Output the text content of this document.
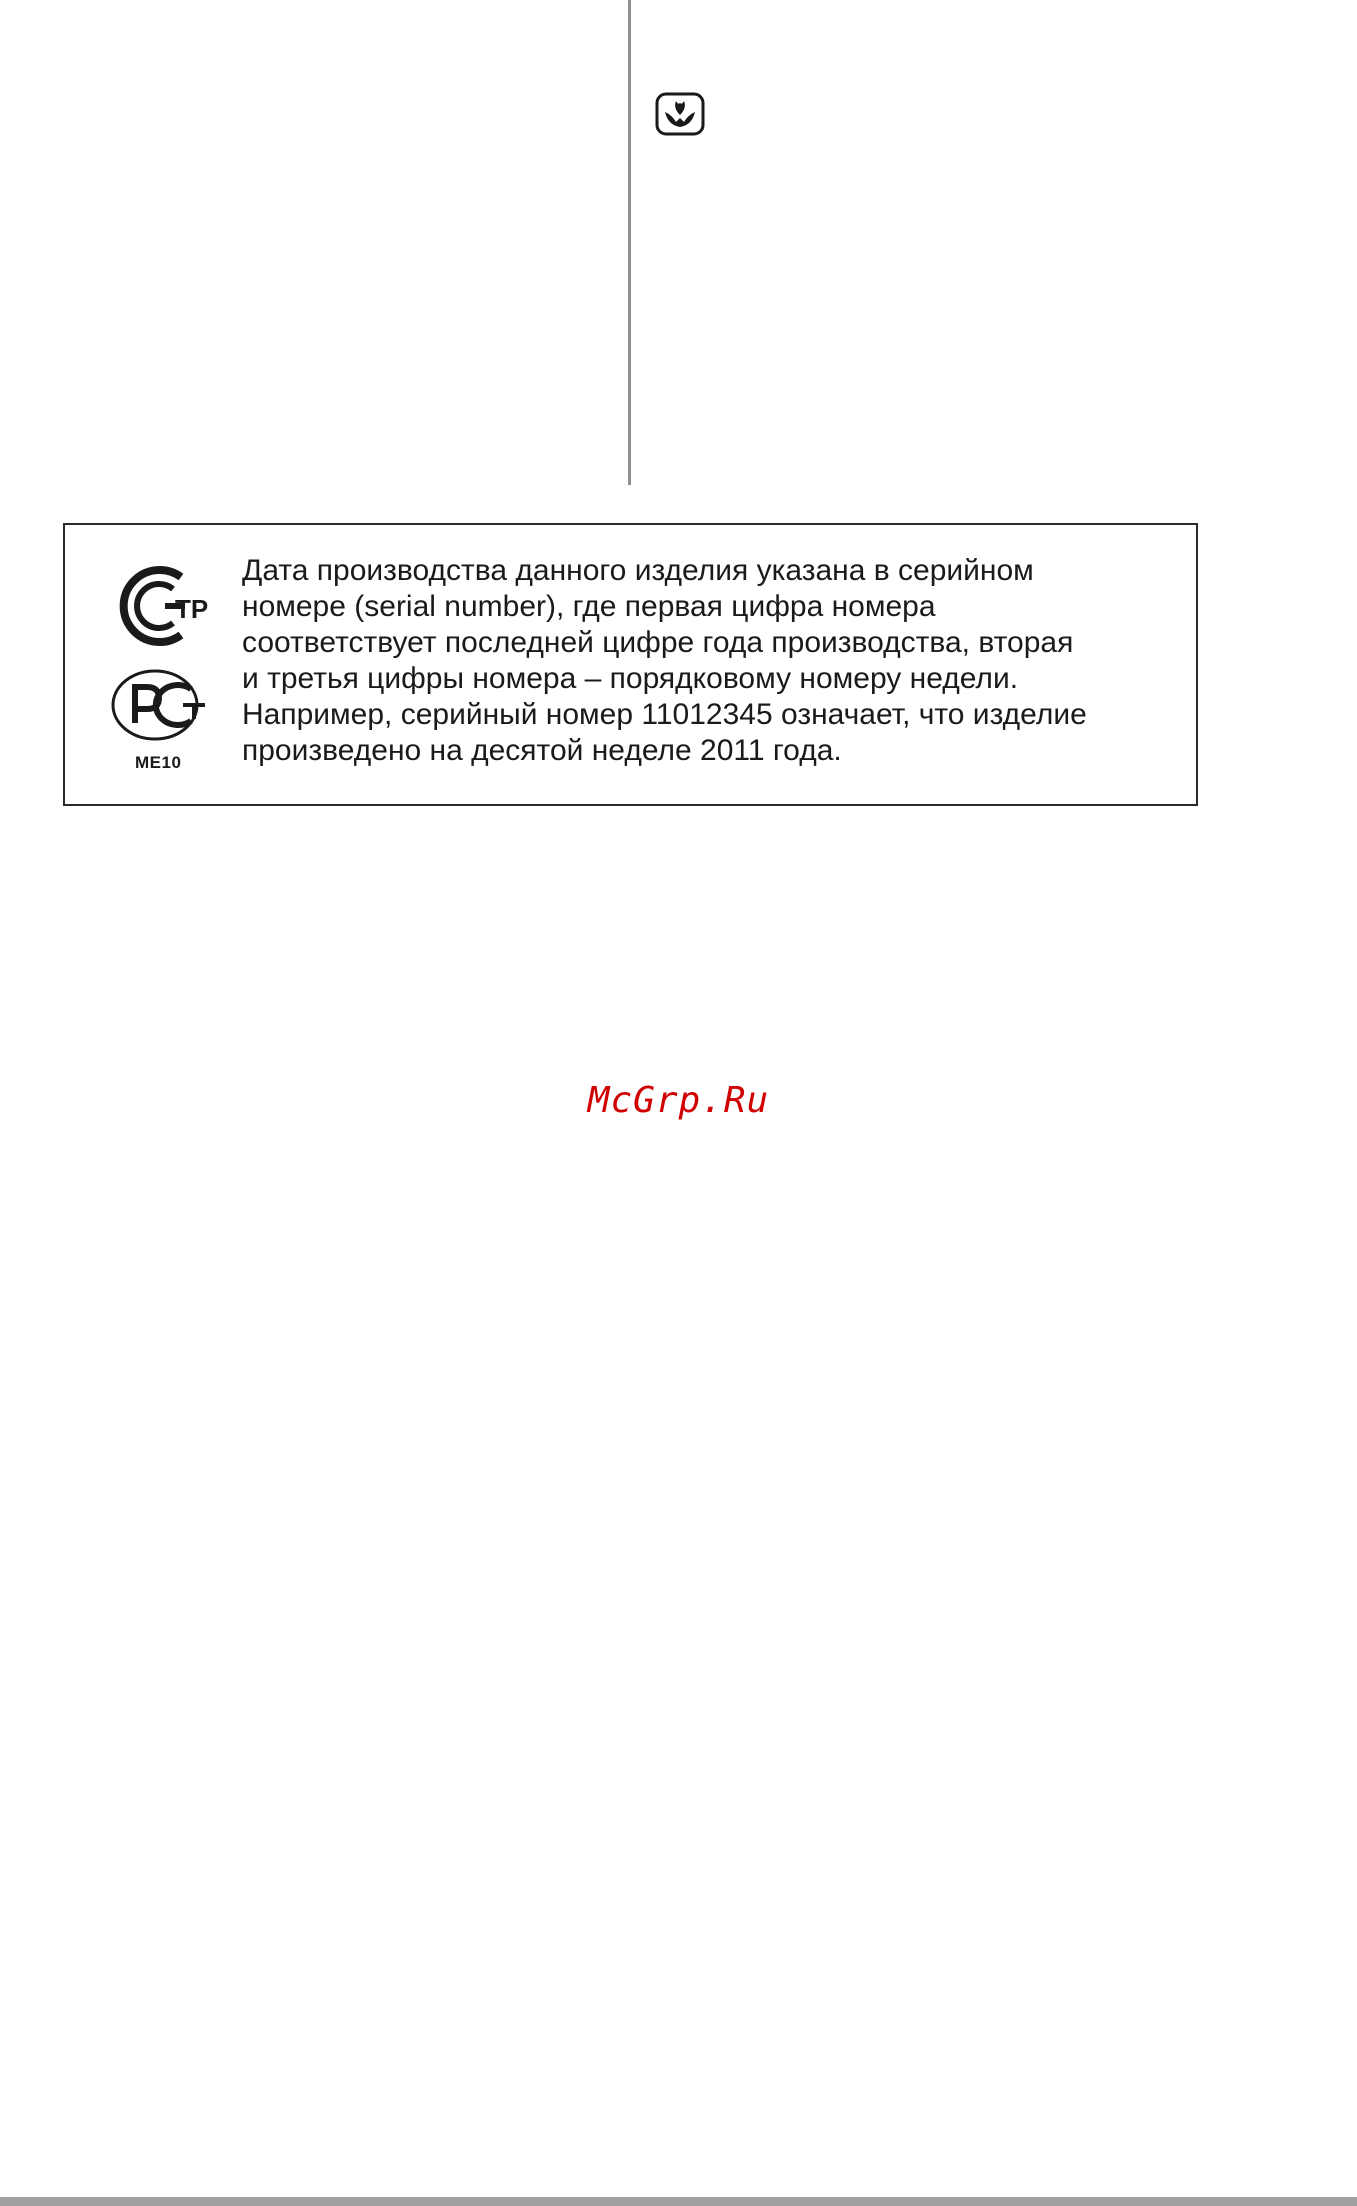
ТР
ME10
Дата производства данного изделия указана в серийном
номере (serial number), где первая цифра номера
соответствует последней цифре года производства, вторая
и третья цифры номера – порядковому номеру недели.
Например, серийный номер 11012345 означает, что изделие
произведено на десятой неделе 2011 года.
McGrp.Ru
